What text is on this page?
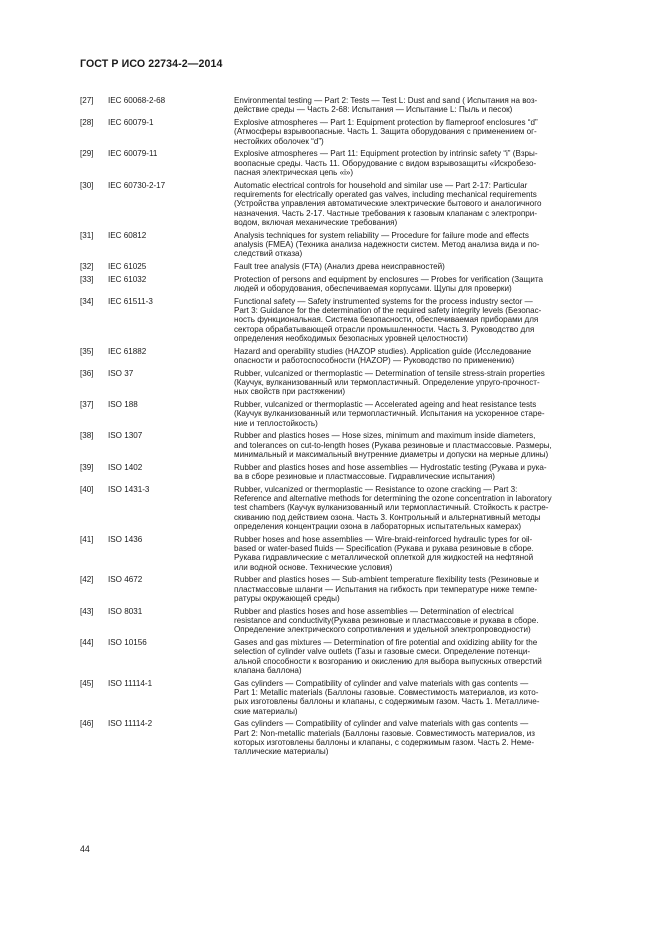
ГОСТ Р ИСО 22734-2—2014
[27]	IEC 60068-2-68	Environmental testing — Part 2: Tests — Test L: Dust and sand ( Испытания на воз-
действие среды — Часть 2-68: Испытания — Испытание L: Пыль и песок)
[28]	IEC 60079-1	Explosive atmospheres — Part 1: Equipment protection by flameproof enclosures “d”
(Атмосферы взрывоопасные. Часть 1. Защита оборудования с применением ог-
нестойких оболочек “d”)
[29]	IEC 60079-11	Explosive atmospheres — Part 11: Equipment protection by intrinsic safety “i” (Взры-
воопасные среды. Часть 11. Оборудование с видом взрывозащиты «Искробезо-
пасная электрическая цепь «i»)
[30]	IEC 60730-2-17	Automatic electrical controls for household and similar use — Part 2-17: Particular
requirements for electrically operated gas valves, including mechanical requirements
(Устройства управления автоматические электрические бытового и аналогичного
назначения. Часть 2-17. Частные требования к газовым клапанам с электропри-
водом, включая механические требования)
[31]	IEC 60812	Analysis techniques for system reliability — Procedure for failure mode and effects
analysis (FMEA) (Техника анализа надежности систем. Метод анализа вида и по-
следствий отказа)
[32]	IEC 61025	Fault tree analysis (FTA) (Анализ древа неисправностей)
[33]	IEC 61032	Protection of persons and equipment by enclosures — Probes for verification (Защита
людей и оборудования, обеспечиваемая корпусами. Щупы для проверки)
[34]	IEC 61511-3	Functional safety — Safety instrumented systems for the process industry sector —
Part 3: Guidance for the determination of the required safety integrity levels (Безопас-
ность функциональная. Система безопасности, обеспечиваемая приборами для
сектора обрабатывающей отрасли промышленности. Часть 3. Руководство для
определения необходимых безопасных уровней целостности)
[35]	IEC 61882	Hazard and operability studies (HAZOP studies). Application guide (Исследование
опасности и работоспособности (HAZOP) — Руководство по применению)
[36]	ISO 37	Rubber, vulcanized or thermoplastic — Determination of tensile stress-strain properties
(Каучук, вулканизованный или термопластичный. Определение упруго-прочност-
ных свойств при растяжении)
[37]	ISO 188	Rubber, vulcanized or thermoplastic — Accelerated ageing and heat resistance tests
(Каучук вулканизованный или термопластичный. Испытания на ускоренное старе-
ние и теплостойкость)
[38]	ISO 1307	Rubber and plastics hoses — Hose sizes, minimum and maximum inside diameters,
and tolerances on cut-to-length hoses (Рукава резиновые и пластмассовые. Размеры,
минимальный и максимальный внутренние диаметры и допуски на мерные длины)
[39]	ISO 1402	Rubber and plastics hoses and hose assemblies — Hydrostatic testing (Рукава и рука-
ва в сборе резиновые и пластмассовые. Гидравлические испытания)
[40]	ISO 1431-3	Rubber, vulcanized or thermoplastic — Resistance to ozone cracking — Part 3:
Reference and alternative methods for determining the ozone concentration in laboratory
test chambers (Каучук вулканизованный или термопластичный. Стойкость к растре-
скиванию под действием озона. Часть 3. Контрольный и альтернативный методы
определения концентрации озона в лабораторных испытательных камерах)
[41]	ISO 1436	Rubber hoses and hose assemblies — Wire-braid-reinforced hydraulic types for oil-
based or water-based fluids — Specification (Рукава и рукава резиновые в сборе.
Рукава гидравлические с металлической оплеткой для жидкостей на нефтяной
или водной основе. Технические условия)
[42]	ISO 4672	Rubber and plastics hoses — Sub-ambient temperature flexibility tests (Резиновые и
пластмассовые шланги — Испытания на гибкость при температуре ниже темпе-
ратуры окружающей среды)
[43]	ISO 8031	Rubber and plastics hoses and hose assemblies — Determination of electrical
resistance and conductivity(Рукава резиновые и пластмассовые и рукава в сборе.
Определение электрического сопротивления и удельной электропроводности)
[44]	ISO 10156	Gases and gas mixtures — Determination of fire potential and oxidizing ability for the
selection of cylinder valve outlets (Газы и газовые смеси. Определение потенци-
альной способности к возгоранию и окислению для выбора выпускных отверстий
клапана баллона)
[45]	ISO 11114-1	Gas cylinders — Compatibility of cylinder and valve materials with gas contents —
Part 1: Metallic materials (Баллоны газовые. Совместимость материалов, из кото-
рых изготовлены баллоны и клапаны, с содержимым газом. Часть 1. Металличе-
ские материалы)
[46]	ISO 11114-2	Gas cylinders — Compatibility of cylinder and valve materials with gas contents —
Part 2: Non-metallic materials (Баллоны газовые. Совместимость материалов, из
которых изготовлены баллоны и клапаны, с содержимым газом. Часть 2. Неме-
таллические материалы)
44
